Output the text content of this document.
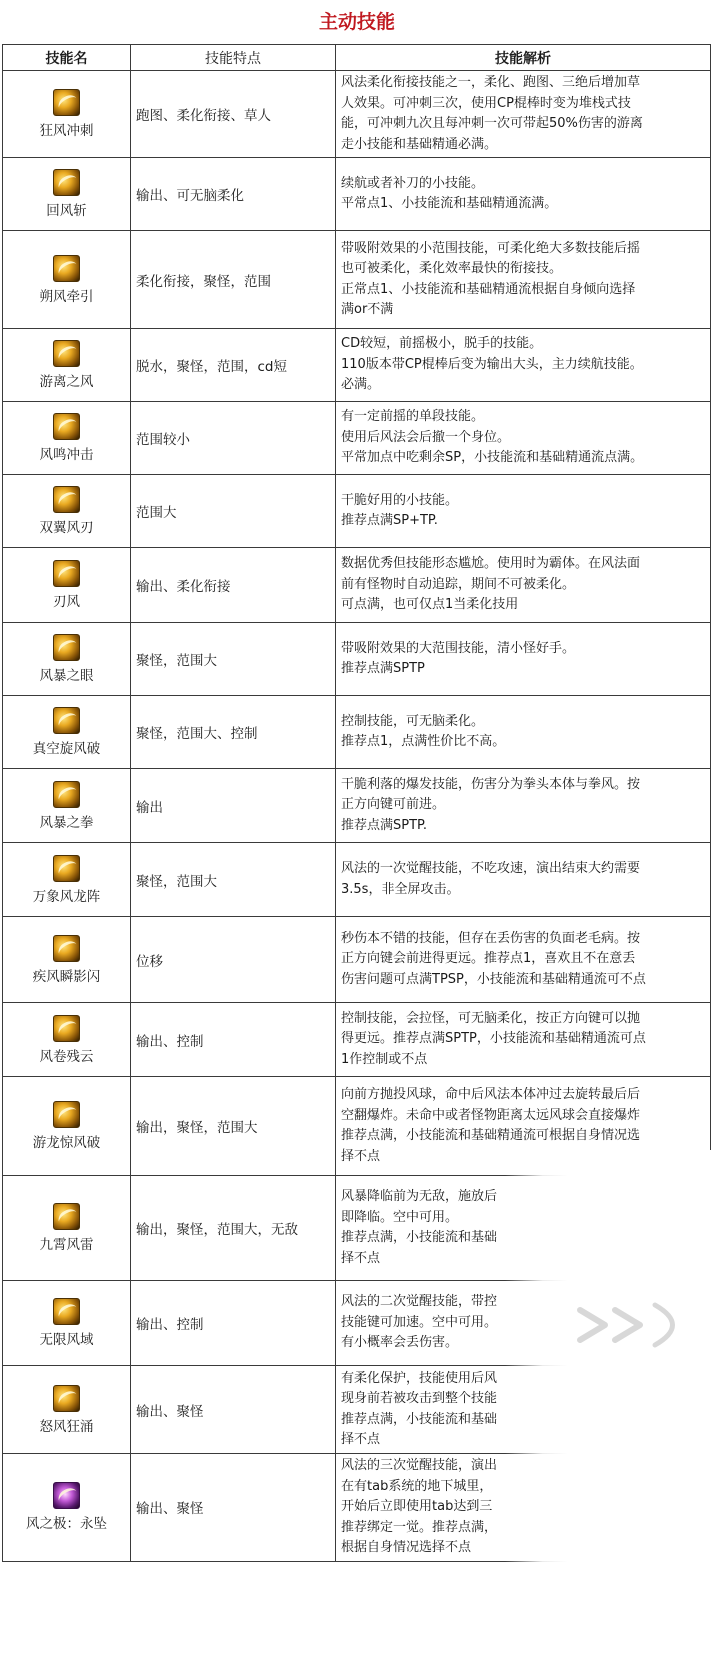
主动技能
技能名	技能特点	技能解析

狂风冲刺	跑图、柔化衔接、草人	风法柔化衔接技能之一，柔化、跑图、三绝后增加草
人效果。可冲刺三次，使用CP棍棒时变为堆栈式技
能，可冲刺九次且每冲刺一次可带起50%伤害的游离
走小技能和基础精通必满。

回风斩	输出、可无脑柔化	续航或者补刀的小技能。
平常点1、小技能流和基础精通流满。

朔风牵引	柔化衔接，聚怪，范围	带吸附效果的小范围技能，可柔化绝大多数技能后摇
也可被柔化，柔化效率最快的衔接技。
正常点1、小技能流和基础精通流根据自身倾向选择
满or不满

游离之风	脱水，聚怪，范围，cd短	CD较短，前摇极小，脱手的技能。
110版本带CP棍棒后变为输出大头，主力续航技能。
必满。

风鸣冲击	范围较小	有一定前摇的单段技能。
使用后风法会后撤一个身位。
平常加点中吃剩余SP，小技能流和基础精通流点满。

双翼风刃	范围大	干脆好用的小技能。
推荐点满SP+TP.

刃风	输出、柔化衔接	数据优秀但技能形态尴尬。使用时为霸体。在风法面
前有怪物时自动追踪，期间不可被柔化。
可点满，也可仅点1当柔化技用

风暴之眼	聚怪，范围大	带吸附效果的大范围技能，清小怪好手。
推荐点满SPTP

真空旋风破	聚怪，范围大、控制	控制技能，可无脑柔化。
推荐点1，点满性价比不高。

风暴之拳	输出	干脆利落的爆发技能，伤害分为拳头本体与拳风。按
正方向键可前进。
推荐点满SPTP.

万象风龙阵	聚怪，范围大	风法的一次觉醒技能，不吃攻速，演出结束大约需要
3.5s，非全屏攻击。

疾风瞬影闪	位移	秒伤本不错的技能，但存在丢伤害的负面老毛病。按
正方向键会前进得更远。推荐点1，喜欢且不在意丢
伤害问题可点满TPSP，小技能流和基础精通流可不点

风卷残云	输出、控制	控制技能，会拉怪，可无脑柔化，按正方向键可以抛
得更远。推荐点满SPTP，小技能流和基础精通流可点
1作控制或不点

游龙惊风破	输出，聚怪，范围大	向前方抛投风球，命中后风法本体冲过去旋转最后后
空翻爆炸。未命中或者怪物距离太远风球会直接爆炸
推荐点满，小技能流和基础精通流可根据自身情况选
择不点

九霄风雷	输出，聚怪，范围大，无敌	风暴降临前为无敌，施放后
即降临。空中可用。
推荐点满，小技能流和基础
择不点

无限风域	输出、控制	风法的二次觉醒技能，带控
技能键可加速。空中可用。
有小概率会丢伤害。

怒风狂涌	输出、聚怪	有柔化保护，技能使用后风
现身前若被攻击到整个技能
推荐点满，小技能流和基础
择不点

风之极：永坠	输出、聚怪	风法的三次觉醒技能，演出
在有tab系统的地下城里，
开始后立即使用tab达到三
推荐绑定一觉。推荐点满，
根据自身情况选择不点
